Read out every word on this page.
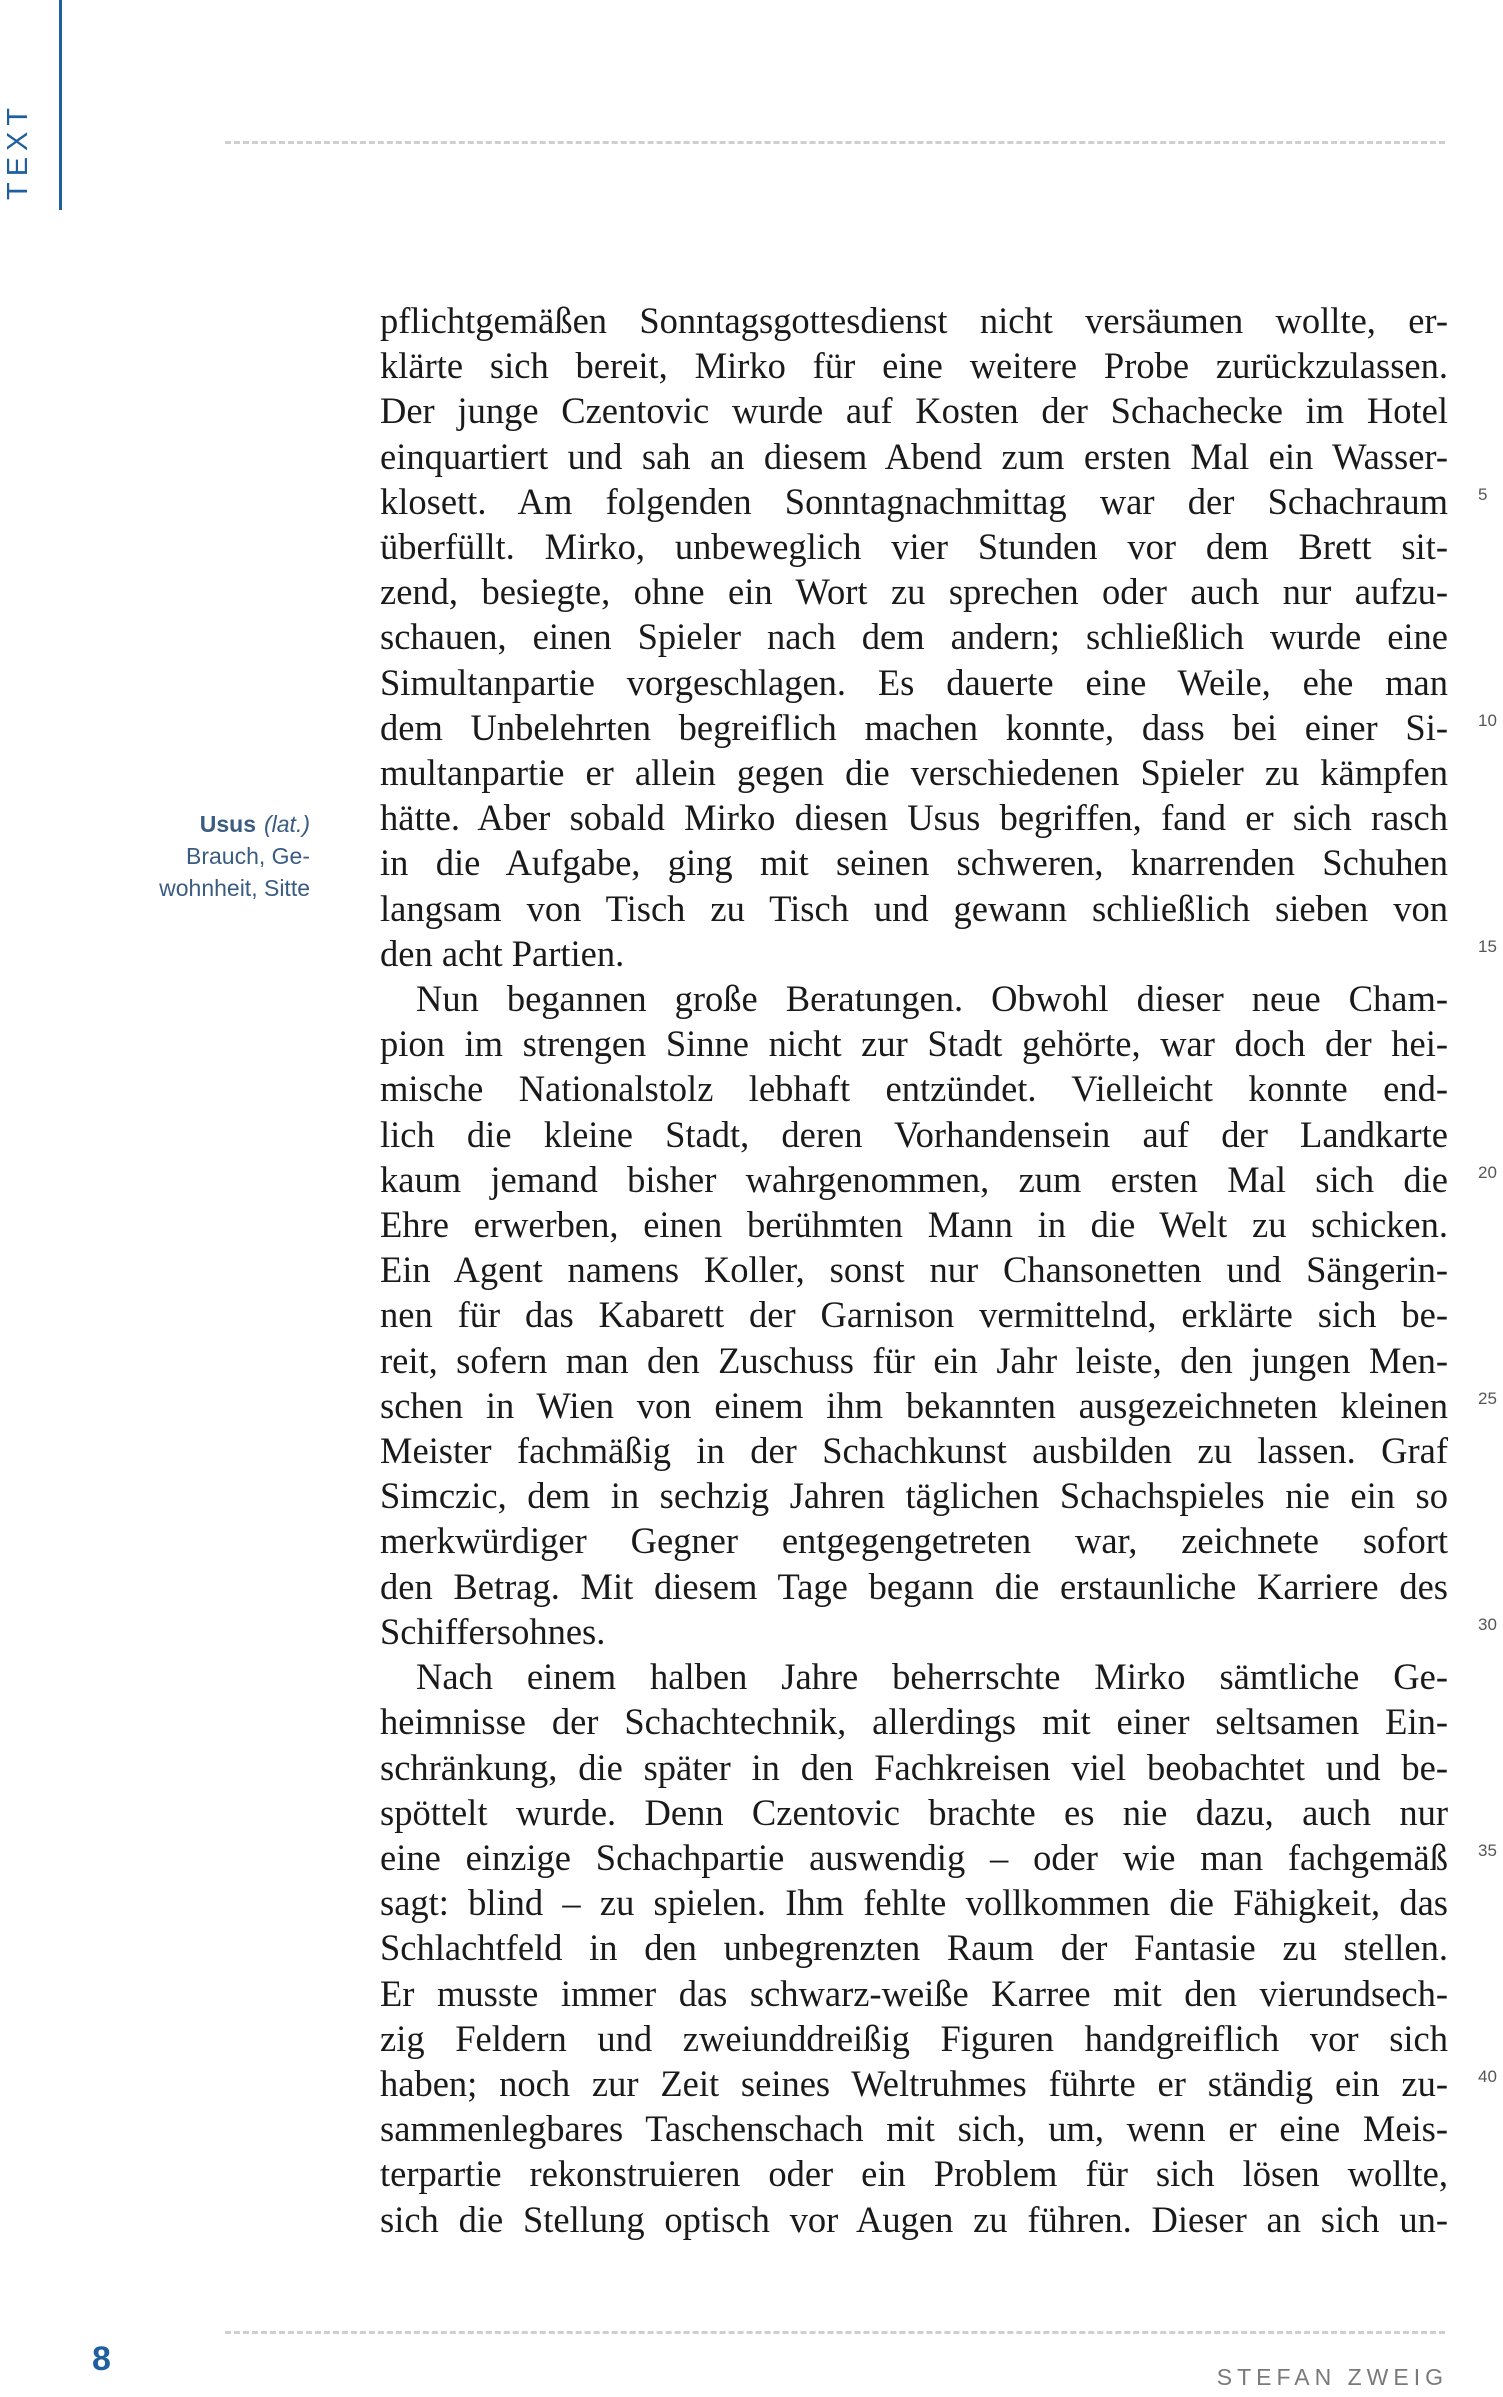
TEXT
Usus (lat.)
Brauch, Ge-
wohnheit, Sitte
pflichtgemäßen Sonntagsgottesdienst nicht versäumen wollte, er-
klärte sich bereit, Mirko für eine weitere Probe zurückzulassen.
Der junge Czentovic wurde auf Kosten der Schachecke im Hotel
einquartiert und sah an diesem Abend zum ersten Mal ein Wasser-
klosett. Am folgenden Sonntagnachmittag war der Schachraum
überfüllt. Mirko, unbeweglich vier Stunden vor dem Brett sit-
zend, besiegte, ohne ein Wort zu sprechen oder auch nur aufzu-
schauen, einen Spieler nach dem andern; schließlich wurde eine
Simultanpartie vorgeschlagen. Es dauerte eine Weile, ehe man
dem Unbelehrten begreiflich machen konnte, dass bei einer Si-
multanpartie er allein gegen die verschiedenen Spieler zu kämpfen
hätte. Aber sobald Mirko diesen Usus begriffen, fand er sich rasch
in die Aufgabe, ging mit seinen schweren, knarrenden Schuhen
langsam von Tisch zu Tisch und gewann schließlich sieben von
den acht Partien.
Nun begannen große Beratungen. Obwohl dieser neue Cham-
pion im strengen Sinne nicht zur Stadt gehörte, war doch der hei-
mische Nationalstolz lebhaft entzündet. Vielleicht konnte end-
lich die kleine Stadt, deren Vorhandensein auf der Landkarte
kaum jemand bisher wahrgenommen, zum ersten Mal sich die
Ehre erwerben, einen berühmten Mann in die Welt zu schicken.
Ein Agent namens Koller, sonst nur Chansonetten und Sängerin-
nen für das Kabarett der Garnison vermittelnd, erklärte sich be-
reit, sofern man den Zuschuss für ein Jahr leiste, den jungen Men-
schen in Wien von einem ihm bekannten ausgezeichneten kleinen
Meister fachmäßig in der Schachkunst ausbilden zu lassen. Graf
Simczic, dem in sechzig Jahren täglichen Schachspieles nie ein so
merkwürdiger Gegner entgegengetreten war, zeichnete sofort
den Betrag. Mit diesem Tage begann die erstaunliche Karriere des
Schiffersohnes.
Nach einem halben Jahre beherrschte Mirko sämtliche Ge-
heimnisse der Schachtechnik, allerdings mit einer seltsamen Ein-
schränkung, die später in den Fachkreisen viel beobachtet und be-
spöttelt wurde. Denn Czentovic brachte es nie dazu, auch nur
eine einzige Schachpartie auswendig – oder wie man fachgemäß
sagt: blind – zu spielen. Ihm fehlte vollkommen die Fähigkeit, das
Schlachtfeld in den unbegrenzten Raum der Fantasie zu stellen.
Er musste immer das schwarz-weiße Karree mit den vierundsech-
zig Feldern und zweiunddreißig Figuren handgreiflich vor sich
haben; noch zur Zeit seines Weltruhmes führte er ständig ein zu-
sammenlegbares Taschenschach mit sich, um, wenn er eine Meis-
terpartie rekonstruieren oder ein Problem für sich lösen wollte,
sich die Stellung optisch vor Augen zu führen. Dieser an sich un-
5
10
15
20
25
30
35
40
8	STEFAN ZWEIG
